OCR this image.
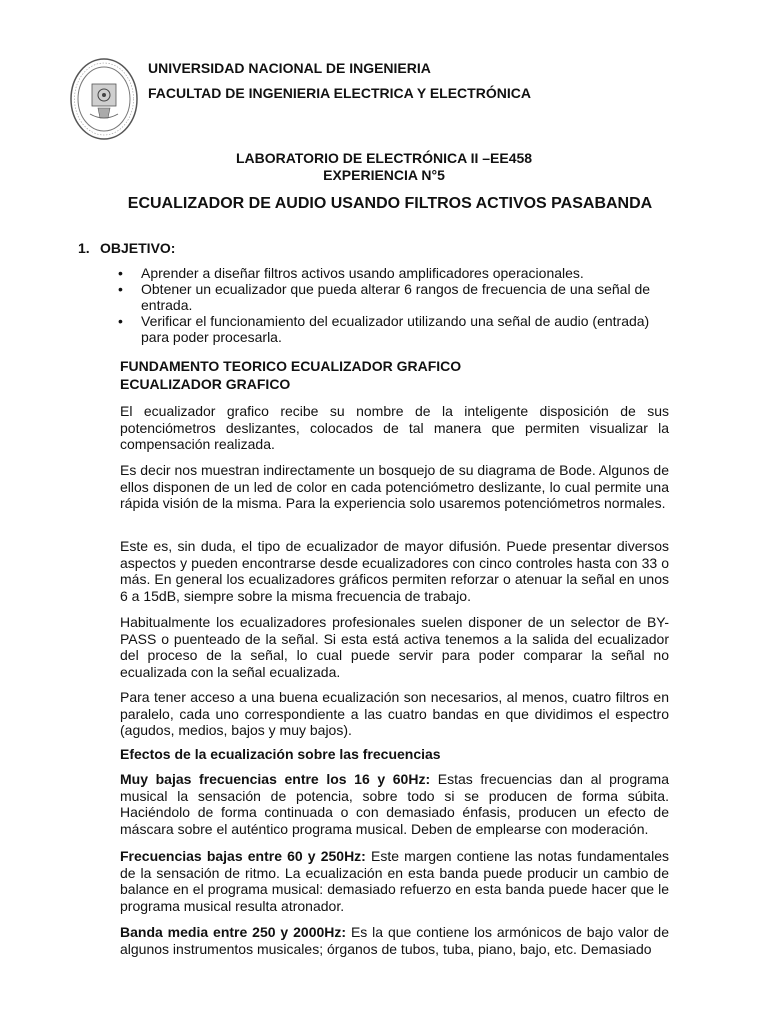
UNIVERSIDAD NACIONAL DE INGENIERIA
FACULTAD DE INGENIERIA ELECTRICA Y ELECTRÓNICA
LABORATORIO DE ELECTRÓNICA II –EE458
EXPERIENCIA N°5
ECUALIZADOR DE AUDIO USANDO FILTROS ACTIVOS PASABANDA
1. OBJETIVO:
• Aprender a diseñar filtros activos usando amplificadores operacionales.
• Obtener un ecualizador que pueda alterar 6 rangos de frecuencia de una señal de entrada.
• Verificar el funcionamiento del ecualizador utilizando una señal de audio (entrada) para poder procesarla.
FUNDAMENTO TEORICO ECUALIZADOR GRAFICO
ECUALIZADOR GRAFICO

El ecualizador grafico recibe su nombre de la inteligente disposición de sus potenciómetros deslizantes, colocados de tal manera que permiten visualizar la compensación realizada.

Es decir nos muestran indirectamente un bosquejo de su diagrama de Bode. Algunos de ellos disponen de un led de color en cada potenciómetro deslizante, lo cual permite una rápida visión de la misma. Para la experiencia solo usaremos potenciómetros normales.

Este es, sin duda, el tipo de ecualizador de mayor difusión. Puede presentar diversos aspectos y pueden encontrarse desde ecualizadores con cinco controles hasta con 33 o más. En general los ecualizadores gráficos permiten reforzar o atenuar la señal en unos 6 a 15dB, siempre sobre la misma frecuencia de trabajo.

Habitualmente los ecualizadores profesionales suelen disponer de un selector de BY-PASS o puenteado de la señal. Si esta está activa tenemos a la salida del ecualizador del proceso de la señal, lo cual puede servir para poder comparar la señal no ecualizada con la señal ecualizada.

Para tener acceso a una buena ecualización son necesarios, al menos, cuatro filtros en paralelo, cada uno correspondiente a las cuatro bandas en que dividimos el espectro (agudos, medios, bajos y muy bajos).

Efectos de la ecualización sobre las frecuencias

Muy bajas frecuencias entre los 16 y 60Hz: Estas frecuencias dan al programa musical la sensación de potencia, sobre todo si se producen de forma súbita. Haciéndolo de forma continuada o con demasiado énfasis, producen un efecto de máscara sobre el auténtico programa musical. Deben de emplearse con moderación.

Frecuencias bajas entre 60 y 250Hz: Este margen contiene las notas fundamentales de la sensación de ritmo. La ecualización en esta banda puede producir un cambio de balance en el programa musical: demasiado refuerzo en esta banda puede hacer que le programa musical resulta atronador.

Banda media entre 250 y 2000Hz: Es la que contiene los armónicos de bajo valor de algunos instrumentos musicales; órganos de tubos, tuba, piano, bajo, etc. Demasiado
